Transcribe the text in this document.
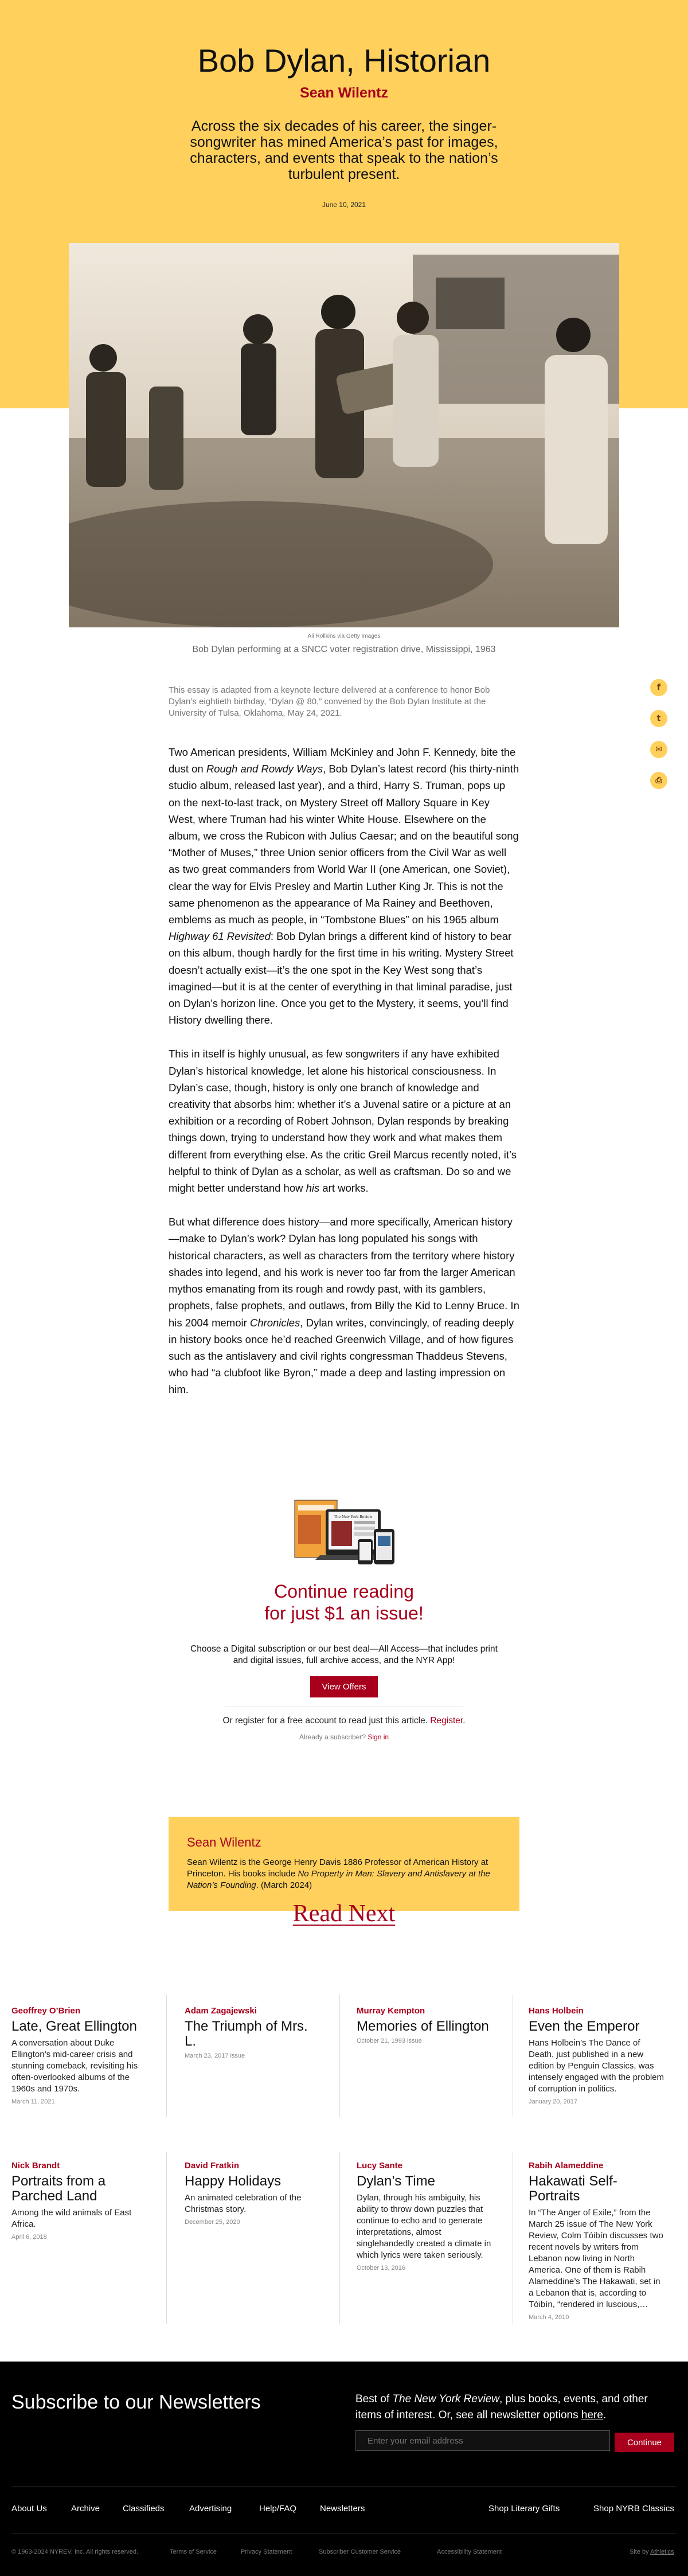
Bob Dylan, Historian
Sean Wilentz

Across the six decades of his career, the singer-songwriter has mined America’s past for images, characters, and events that speak to the nation’s turbulent present.

June 10, 2021
Ali Rollkins via Getty Images
Bob Dylan performing at a SNCC voter registration drive, Mississippi, 1963
f
t
✉
⎙

This essay is adapted from a keynote lecture delivered at a conference to honor Bob Dylan’s eightieth birthday, “Dylan @ 80,” convened by the Bob Dylan Institute at the University of Tulsa, Oklahoma, May 24, 2021.

Two American presidents, William McKinley and John F. Kennedy, bite the dust on Rough and Rowdy Ways, Bob Dylan’s latest record (his thirty-ninth studio album, released last year), and a third, Harry S. Truman, pops up on the next-to-last track, on Mystery Street off Mallory Square in Key West, where Truman had his winter White House. Elsewhere on the album, we cross the Rubicon with Julius Caesar; and on the beautiful song “Mother of Muses,” three Union senior officers from the Civil War as well as two great commanders from World War II (one American, one Soviet), clear the way for Elvis Presley and Martin Luther King Jr. This is not the same phenomenon as the appearance of Ma Rainey and Beethoven, emblems as much as people, in “Tombstone Blues” on his 1965 album Highway 61 Revisited: Bob Dylan brings a different kind of history to bear on this album, though hardly for the first time in his writing. Mystery Street doesn’t actually exist—it’s the one spot in the Key West song that’s imagined—but it is at the center of everything in that liminal paradise, just on Dylan’s horizon line. Once you get to the Mystery, it seems, you’ll find History dwelling there.

This in itself is highly unusual, as few songwriters if any have exhibited Dylan’s historical knowledge, let alone his historical consciousness. In Dylan’s case, though, history is only one branch of knowledge and creativity that absorbs him: whether it’s a Juvenal satire or a picture at an exhibition or a recording of Robert Johnson, Dylan responds by breaking things down, trying to understand how they work and what makes them different from everything else. As the critic Greil Marcus recently noted, it’s helpful to think of Dylan as a scholar, as well as craftsman. Do so and we might better understand how his art works.

But what difference does history—and more specifically, American history—make to Dylan’s work? Dylan has long populated his songs with historical characters, as well as characters from the territory where history shades into legend, and his work is never too far from the larger American mythos emanating from its rough and rowdy past, with its gamblers, prophets, false prophets, and outlaws, from Billy the Kid to Lenny Bruce. In his 2004 memoir Chronicles, Dylan writes, convincingly, of reading deeply in history books once he’d reached Greenwich Village, and of how figures such as the antislavery and civil rights congressman Thaddeus Stevens, who had “a clubfoot like Byron,” made a deep and lasting impression on him.

The New York Review
Continue reading
for just $1 an issue!
Choose a Digital subscription or our best deal—All Access—that includes print and digital issues, full archive access, and the NYR App!
View Offers
Or register for a free account to read just this article. Register.
Already a subscriber? Sign in
Sean Wilentz
Sean Wilentz is the George Henry Davis 1886 Professor of American History at Princeton. His books include No Property in Man: Slavery and Antislavery at the Nation’s Founding. (March 2024)
Read Next
Geoffrey O’Brien
Late, Great Ellington
A conversation about Duke Ellington’s mid-career crisis and stunning comeback, revisiting his often-overlooked albums of the 1960s and 1970s.
March 11, 2021
Adam Zagajewski
The Triumph of Mrs. L.
March 23, 2017 issue
Murray Kempton
Memories of Ellington
October 21, 1993 issue
Hans Holbein
Even the Emperor
Hans Holbein’s The Dance of Death, just published in a new edition by Penguin Classics, was intensely engaged with the problem of corruption in politics.
January 20, 2017
Nick Brandt
Portraits from a Parched Land
Among the wild animals of East Africa.
April 6, 2018
David Fratkin
Happy Holidays
An animated celebration of the Christmas story.
December 25, 2020
Lucy Sante
Dylan’s Time
Dylan, through his ambiguity, his ability to throw down puzzles that continue to echo and to generate interpretations, almost singlehandedly created a climate in which lyrics were taken seriously.
October 13, 2016
Rabih Alameddine
Hakawati Self-Portraits
In “The Anger of Exile,” from the March 25 issue of The New York Review, Colm Tóibín discusses two recent novels by writers from Lebanon now living in North America. One of them is Rabih Alameddine’s The Hakawati, set in a Lebanon that is, according to Tóibín, “rendered in luscious,…
March 4, 2010
Subscribe to our Newsletters	Best of The New York Review, plus books, events, and other items of interest. Or, see all newsletter options here.
Enter your email address
Continue
About Us	Archive	Classifieds	Advertising	Help/FAQ	Newsletters	Shop Literary Gifts	Shop NYRB Classics
© 1963-2024 NYREV, Inc. All rights reserved.	Terms of Service	Privacy Statement	Subscriber Customer Service	Accessibility Statement	Site by Athletics
